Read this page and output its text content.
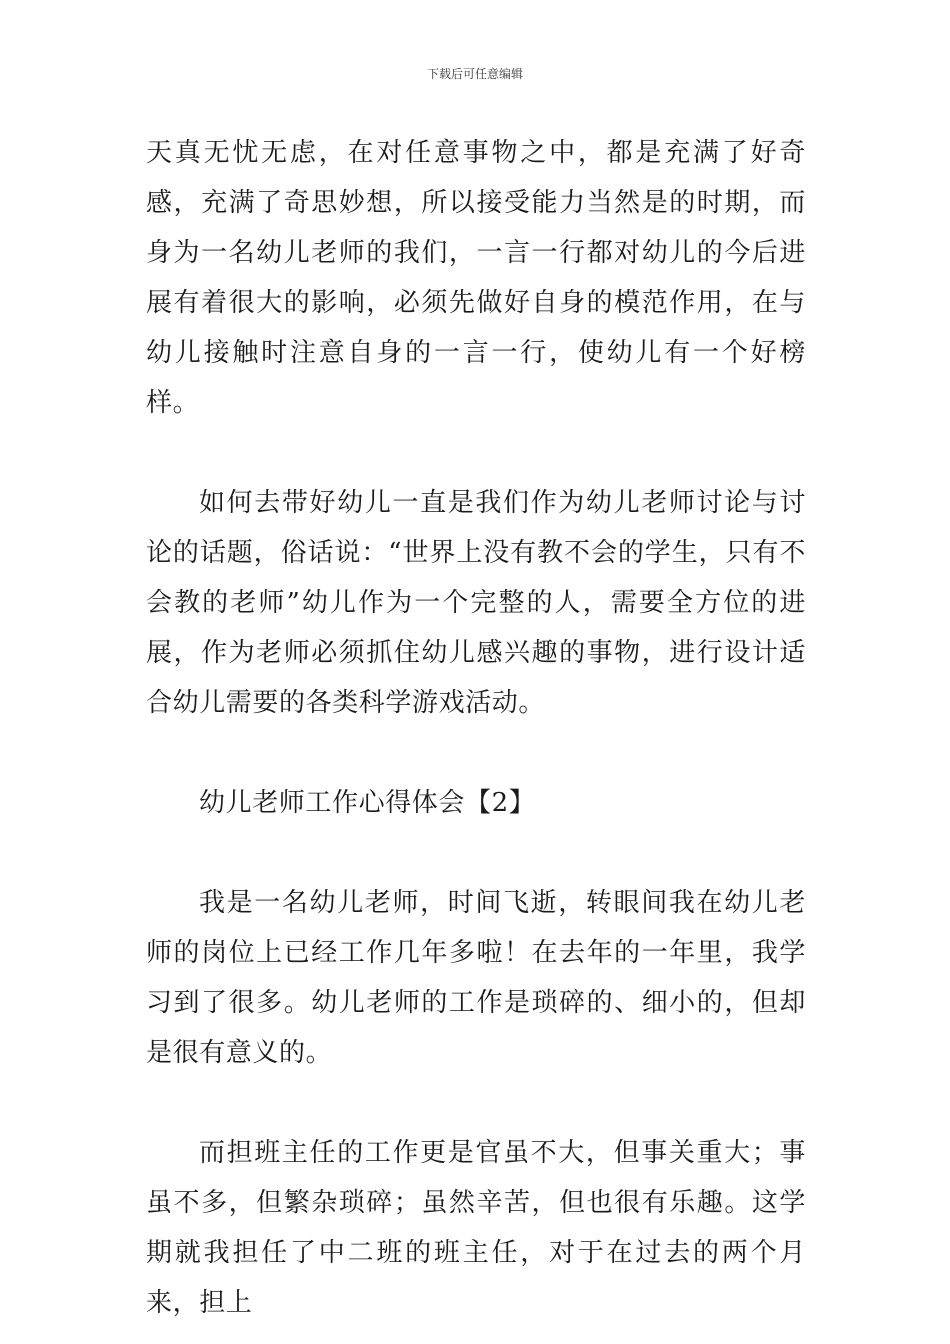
下载后可任意编辑

天真无忧无虑，在对任意事物之中，都是充满了好奇感，充满了奇思妙想，所以接受能力当然是的时期，而身为一名幼儿老师的我们，一言一行都对幼儿的今后进展有着很大的影响，必须先做好自身的模范作用，在与幼儿接触时注意自身的一言一行，使幼儿有一个好榜样。

如何去带好幼儿一直是我们作为幼儿老师讨论与讨论的话题，俗话说：“世界上没有教不会的学生，只有不会教的老师”幼儿作为一个完整的人，需要全方位的进展，作为老师必须抓住幼儿感兴趣的事物，进行设计适合幼儿需要的各类科学游戏活动。

幼儿老师工作心得体会【2】

我是一名幼儿老师，时间飞逝，转眼间我在幼儿老师的岗位上已经工作几年多啦！在去年的一年里，我学习到了很多。幼儿老师的工作是琐碎的、细小的，但却是很有意义的。

而担班主任的工作更是官虽不大，但事关重大；事虽不多，但繁杂琐碎；虽然辛苦，但也很有乐趣。这学期就我担任了中二班的班主任，对于在过去的两个月来，担上
